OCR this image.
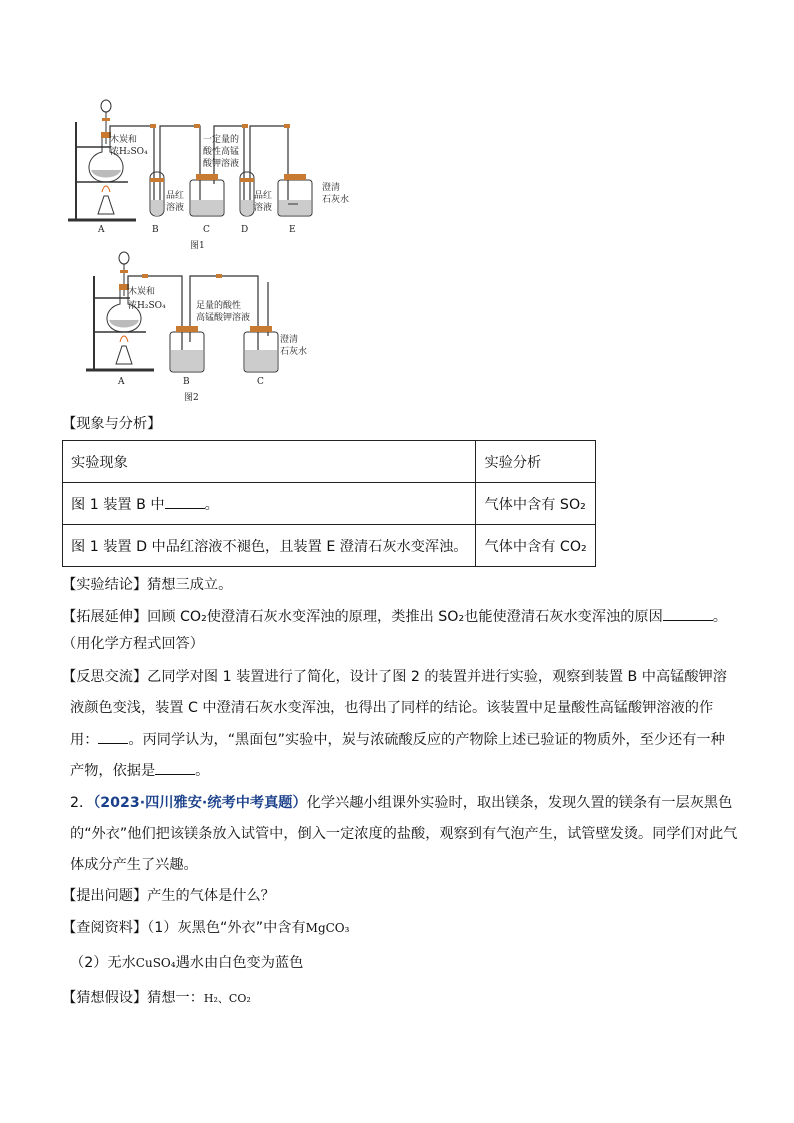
木炭和
浓H₂SO₄
品红
溶液
一定量的
酸性高锰
酸钾溶液
品红
溶液
澄清
石灰水
A	B	C	D	E
图1
木炭和
浓H₂SO₄	足量的酸性
高锰酸钾溶液
澄清
石灰水
A	B	C
图2
【现象与分析】
实验现象	实验分析
图 1 装置 B 中 。	气体中含有 SO₂
图 1 装置 D 中品红溶液不褪色，且装置 E 澄清石灰水变浑浊。	气体中含有 CO₂
【实验结论】猜想三成立。
【拓展延伸】回顾 CO₂使澄清石灰水变浑浊的原理，类推出 SO₂也能使澄清石灰水变浑浊的原因	。
（用化学方程式回答）
【反思交流】乙同学对图 1 装置进行了简化，设计了图 2 的装置并进行实验，观察到装置 B 中高锰酸钾溶
液颜色变浅，装置 C 中澄清石灰水变浑浊，也得出了同样的结论。该装置中足量酸性高锰酸钾溶液的作
用： 。丙同学认为，“黑面包”实验中，炭与浓硫酸反应的产物除上述已验证的物质外，至少还有一种
产物，依据是	。
2．（2023·四川雅安·统考中考真题）化学兴趣小组课外实验时，取出镁条，发现久置的镁条有一层灰黑色
的“外衣”他们把该镁条放入试管中，倒入一定浓度的盐酸，观察到有气泡产生，试管壁发烫。同学们对此气
体成分产生了兴趣。
【提出问题】产生的气体是什么？
【查阅资料】（1）灰黑色“外衣”中含有MgCO₃
（2）无水CuSO₄遇水由白色变为蓝色
【猜想假设】猜想一：H₂、CO₂
